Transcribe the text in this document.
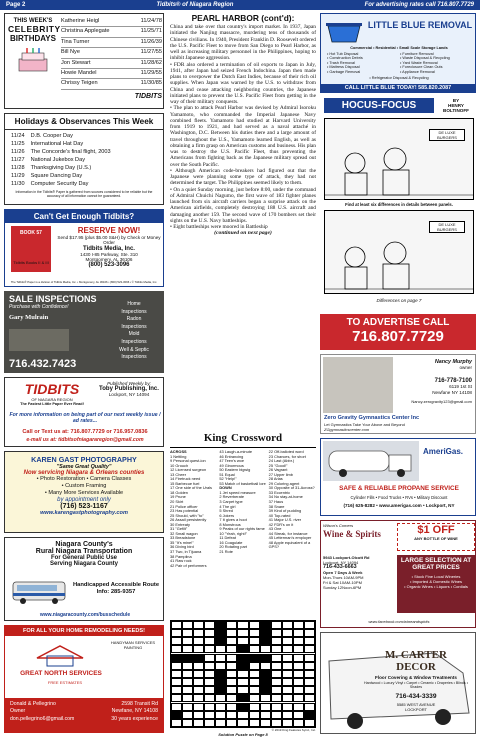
Page 2	Tidbits® of Niagara Region	For advertising rates call 716.807.7729
THIS WEEK'S
CELEBRITY
BIRTHDAYS
Katherine Heigl	11/24/78
Christina Applegate	11/25/71
Tina Turner	11/26/39
Bill Nye	11/27/55
Jon Stewart	11/28/62
Howie Mandel	11/29/55
Chrissy Teigen	11/30/85
TIDBITS
Holidays & Observances This Week
11/24 D.B. Cooper Day
11/25 International Hat Day
11/26 The Concorde's final flight, 2003
11/27 National Jukebox Day
11/28 Thanksgiving Day (U.S.)
11/29 Square Dancing Day
11/30 Computer Security Day
Information in the Tidbits® Paper is gathered from sources considered to be reliable but the accuracy of all information cannot be guaranteed.
Can't Get Enough Tidbits?
BOOK 57
Tidbits Books II & III
RESERVE NOW!
Send $17.95 (plus $5.00 S&H) by Check or Money Order
Tidbits Media, Inc.
1430 I-85 Parkway, Ste. 310
Montgomery, AL 36106
(800) 523-3096
The Tidbits® Paper is a division of Tidbits Media, Inc. • Montgomery, AL 36106 • (800) 523-3096 • © Tidbits Media, Inc.
SALE INSPECTIONS
Purchase with Confidence!
Gary Mulrain
716.432.7423
Home
Inspections
Radon
Inspections
Mold
Inspections
Well & Septic
Inspections
TIDBITS
OF NIAGARA REGION
The Fastest Little Paper Ever Read!
Published Weekly by:
Toby Publishing, Inc.
Lockport, NY 14094
For more information on being part of our next weekly issue / ad rates...
Call or Text us at: 716.807.7729 or 716.957.0836
e-mail us at: tidbitsofniagararegion@gmail.com
KAREN GAST PHOTOGRAPHY
"Same Great Quality"
Now servicing Niagara & Orleans counties
• Photo Restoration • Camera Classes
• Custom Framing
• Many More Services Available
by appointment only
(716) 523-1167
www.karengastphotography.com
Niagara County's
Rural Niagara Transportation
For General Public Use
Serving Niagara County
Handicapped Accessible Route Info: 285-9357
www.niagaracounty.com/busschedule
FOR ALL YOUR HOME REMODELING NEEDS!
GREAT NORTH SERVICES
HANDYMAN SERVICES
PAINTING
FREE ESTIMATES
Donald & Pellegrino	2598 Transit Rd
Owner	Newfane, NY 14108
don.pellegrino6@gmail.com	30 years experience
PEARL HARBOR (cont'd):

China and take over that country's import market. In 1937, Japan initiated the Nanjing massacre, murdering tens of thousands of Chinese civilians. In 1940, President Franklin D. Roosevelt ordered the U.S. Pacific Fleet to move from San Diego to Pearl Harbor, as well as increasing military personnel in the Philippines, hoping to inhibit Japanese aggression.

• FDR also ordered a termination of oil exports to Japan in July, 1941, after Japan had seized French Indochina. Japan then made plans to overpower the Dutch East Indies, because of their rich oil supplies. When Japan was warned by the U.S. to withdraw from China and cease attacking neighboring countries, the Japanese initiated plans to prevent the U.S. Pacific Fleet from getting in the way of their military conquests.

• The plan to attack Pearl Harbor was devised by Admiral Isoroku Yamamoto, who commanded the Imperial Japanese Navy combined fleets. Yamamoto had studied at Harvard University from 1919 to 1921, and had served as a naval attaché in Washington, D.C. Between his duties there and a large amount of travel throughout the U.S., Yamamoto learned English, as well as obtaining a firm grasp on American customs and business. His plan was to destroy the U.S. Pacific Fleet, thus preventing the Americans from fighting back as the Japanese military spread out over the South Pacific.

• Although American code-breakers had figured out that the Japanese were planning some type of attack, they had not determined the target. The Philippines seemed likely to them.

• On a quiet Sunday morning, just before 8:00, under the command of Admiral Chuichi Nagumo, the first wave of 183 fighter planes launched from six aircraft carriers began a surprise attack on the American airfields, completely destroying 188 U.S. aircraft and damaging another 159. The second wave of 170 bombers set their sights on the U.S. Navy battleships.

• Eight battleships were moored in Battleship

(continued on next page)
King Crossword
ACROSS
1 Nettling
9 Personal quest-ion
10 Grouch
12 Licensed surgeon
13 Cheer
14 Firetruck need
15 Barbecue fuel
17 One side of the Urals
18 Golden
19 Prune
20 Skirt
21 Police officer
23 Has potential
25 Should, with "to"
26 Assail persistently
30 Entreaty
31 "Gefilt"
32 Small wagon
33 Breadstone
35 "It's mine!"
36 Diving bird
37 Two, in Tijuana
38 Pamplina
41 Raw rock
42 Pair of performers
43 Laugh-a-minute
46 Entrancing
47 Teen's woe
49 Ginormous
50 Eastern bigwig
51 Equal
52 "Help!"
53 Match of basketball lore
DOWN
1 Jet speed measure
2 Reverberate
3 Carpet type
4 The girl
5 Shred
6 Jokers
7 It gives a hoot
8 Monstrous
9 Peaks of our rights fame
10 "Yeah, right!"
11 Defeat
16 Coagulate
20 Rotating part
21 Rote
22 Off-balloted word
23 Chances, for short
24 Last (Abbr.)
25 "Good!"
26 Vagrant
27 Upper limb
28 Arias
29 Coloring agent
30 Opposite of 31-Across?
33 Eccentric
34 No stay-at-home
37 Haus
38 Snare
39 Kind of pudding
40 Top-rated
41 Major U.S. river
42 FDR's on it
43 One
44 Streak, for instance
45 Letterman's employer
48 Apple equivalent of a GPS?
© 2019 King Features Synd., Inc.
Solution Puzzle on Page 8
LITTLE BLUE REMOVAL
Commercial • Residential • Small Scale Storage Lands
• Hot Tub Disposal	• Furniture Removal
• Construction Debris	• Waste Disposal & Recycling
• Trash Removal	• Yard Waste Removal
• Mattress Disposal	• Foreclosure Clean Outs
• Garbage Removal	• Appliance Removal
• Refrigerator Disposal & Recycling
CALL LITTLE BLUE TODAY! 585.820.2087
HOCUS-FOCUS	BY
HENRY BOLTINOFF
DE LUXE BURGERS
Find at least six differences in details between panels.
DE LUXE BURGERS
Differences on page 7
TO ADVERTISE CALL
716.807.7729
Nancy Murphy
owner
716-778-7100
6119 1st St
Newfane NY 14108
Nancy.zerogravity123@gmail.com
Zero Gravity Gymnastics Center Inc
Let Gymnastics Take Your Above and Beyond
ZGgymnasticscenter.com
AmeriGas.
SAFE & RELIABLE PROPANE SERVICE
Cylinder Fills • Food Trucks • RVs • Military Discount
(716) 625-8282 • www.amerigas.com • Lockport, NY
Wilson's Corners
Wine & Spirits	$1 OFF
ANY BOTTLE OF WINE
5943 Lockport-Olcott Rd
Lockport, NY 14094
716-433-6663
Open 7 Days A Week
Mon-Thurs 10AM-9PM
Fri & Sat 10AM-10PM
Sunday 12Noon-6PM
LARGE SELECTION AT GREAT PRICES
• Stock Fine Local Wineries
• Imported & Domestic Wines
• Organic Wines • Liquors • Cordials
www.facebook.com/wineandspirits
M. CARTER
DECOR
Floor Covering & Window Treatments
Hardwood • Luxury Vinyl • Carpet • Ceramic • Draperies • Blinds • Shades
716-434-3339
5585 WEST AVENUE
LOCKPORT
